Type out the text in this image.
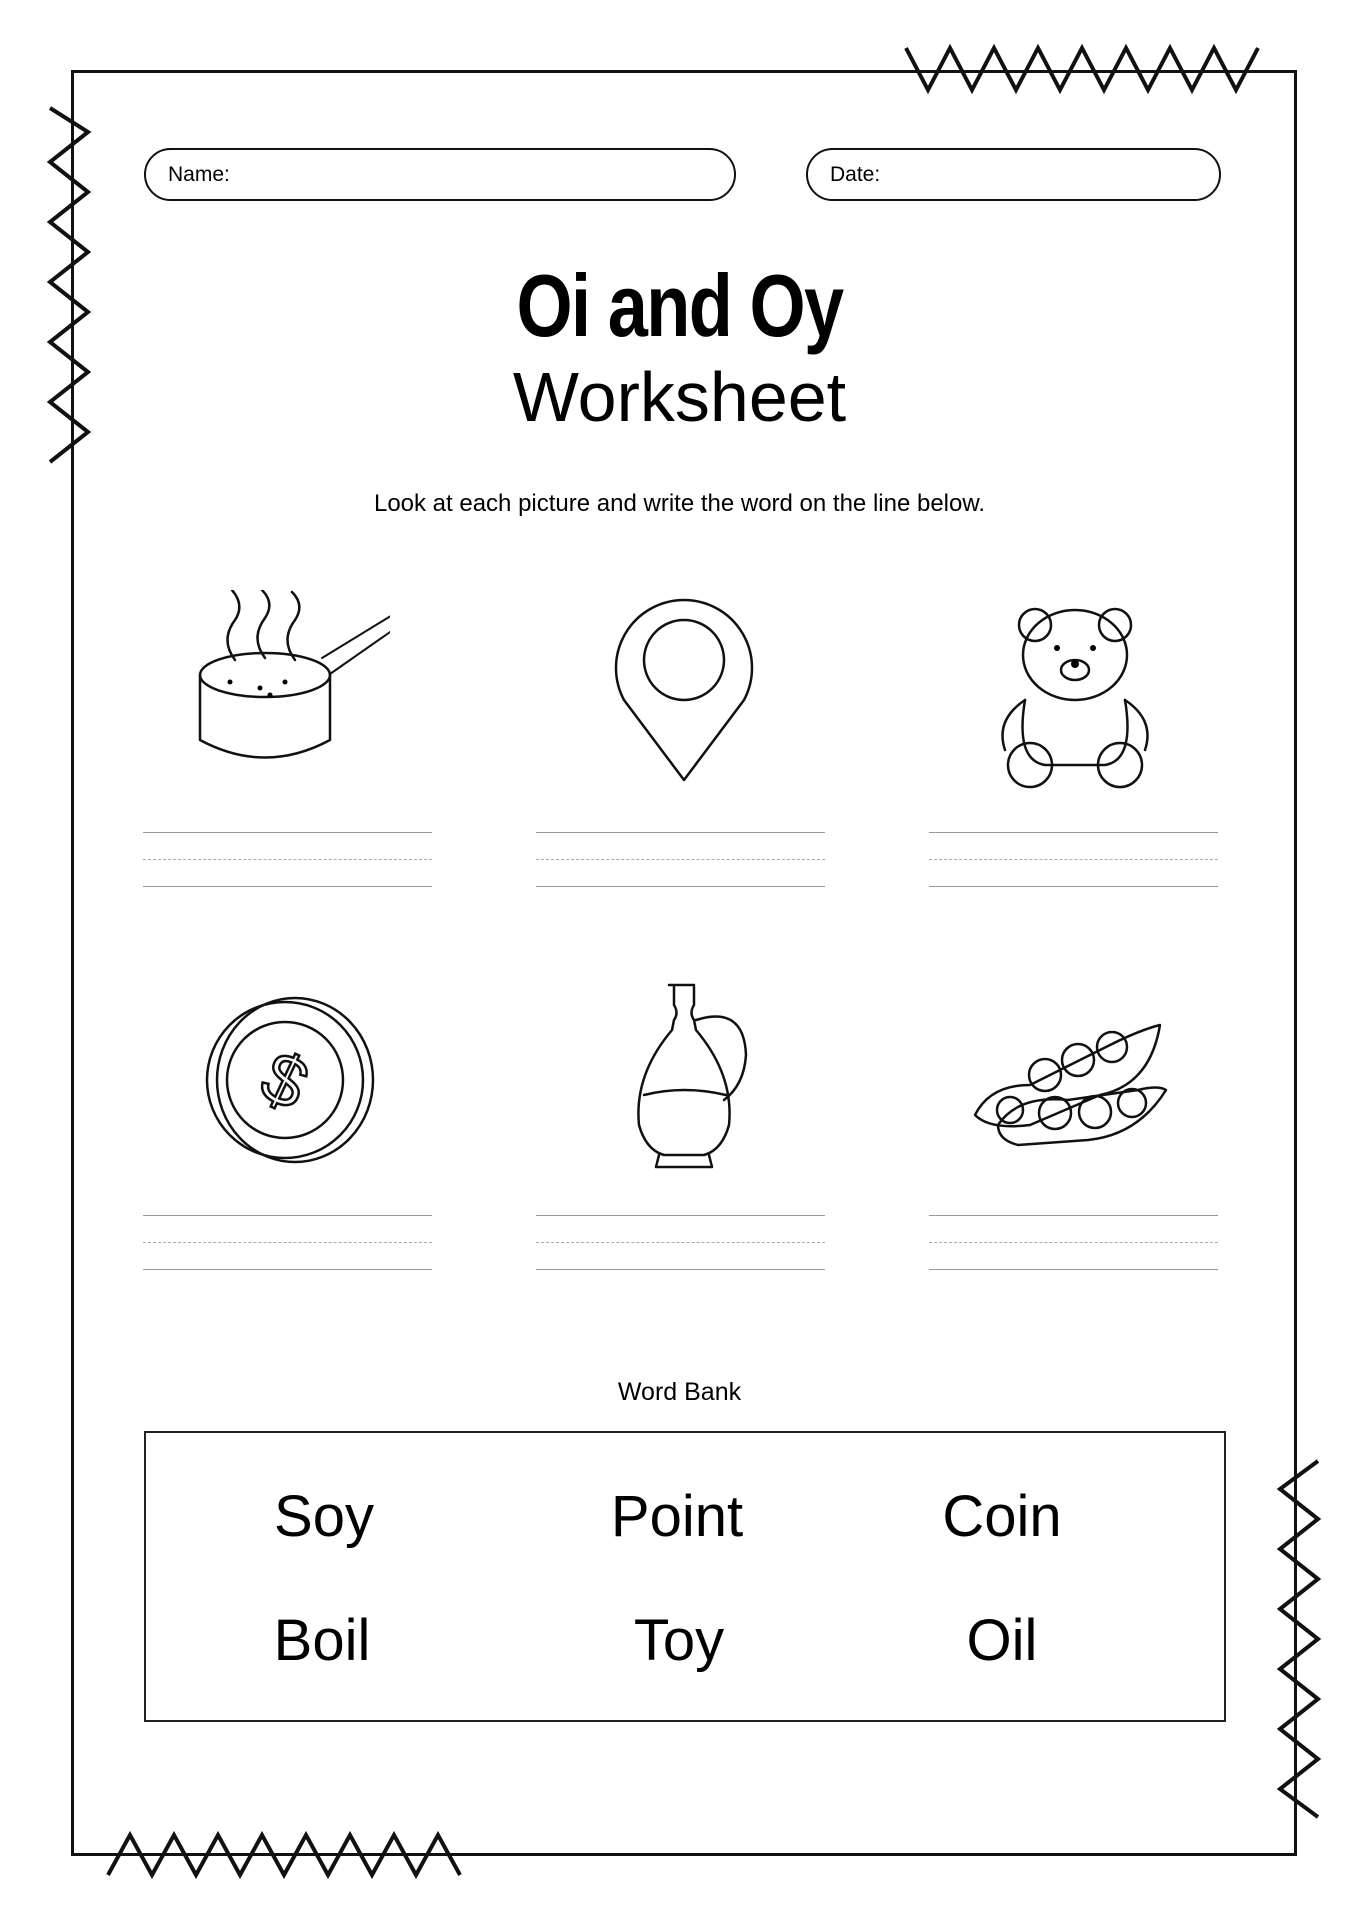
Name:	Date:
Oi and Oy
Worksheet
Look at each picture and write the word on the line below.
$
Word Bank
Soy	Point	Coin
Boil	Toy	Oil
